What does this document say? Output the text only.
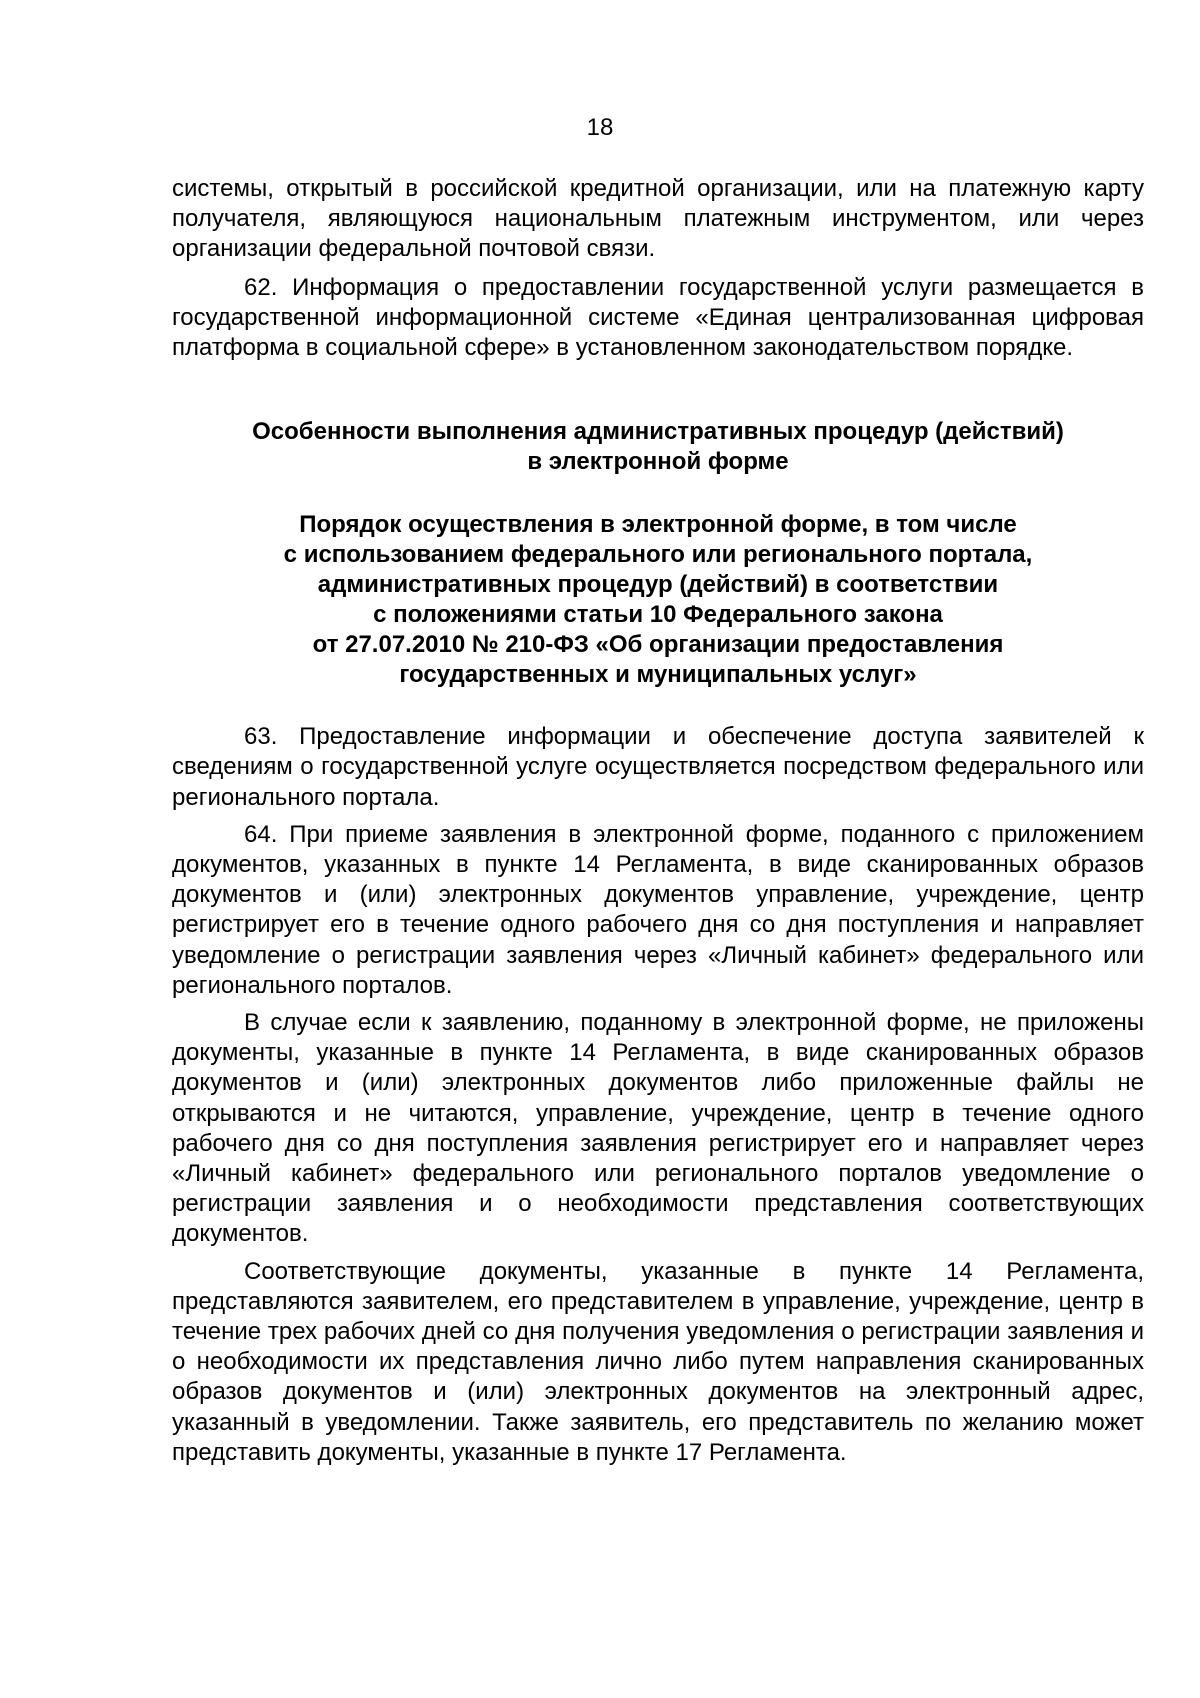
18

системы, открытый в российской кредитной организации, или на платежную карту получателя, являющуюся национальным платежным инструментом, или через организации федеральной почтовой связи.

62. Информация о предоставлении государственной услуги размещается в государственной информационной системе «Единая централизованная цифровая платформа в социальной сфере» в установленном законодательством порядке.

Особенности выполнения административных процедур (действий)
в электронной форме
Порядок осуществления в электронной форме, в том числе
с использованием федерального или регионального портала,
административных процедур (действий) в соответствии
с положениями статьи 10 Федерального закона
от 27.07.2010 № 210-ФЗ «Об организации предоставления
государственных и муниципальных услуг»

63. Предоставление информации и обеспечение доступа заявителей к сведениям о государственной услуге осуществляется посредством федерального или регионального портала.

64. При приеме заявления в электронной форме, поданного с приложением документов, указанных в пункте 14 Регламента, в виде сканированных образов документов и (или) электронных документов управление, учреждение, центр регистрирует его в течение одного рабочего дня со дня поступления и направляет уведомление о регистрации заявления через «Личный кабинет» федерального или регионального порталов.

В случае если к заявлению, поданному в электронной форме, не приложены документы, указанные в пункте 14 Регламента, в виде сканированных образов документов и (или) электронных документов либо приложенные файлы не открываются и не читаются, управление, учреждение, центр в течение одного рабочего дня со дня поступления заявления регистрирует его и направляет через «Личный кабинет» федерального или регионального порталов уведомление о регистрации заявления и о необходимости представления соответствующих документов.

Соответствующие документы, указанные в пункте 14 Регламента, представляются заявителем, его представителем в управление, учреждение, центр в течение трех рабочих дней со дня получения уведомления о регистрации заявления и о необходимости их представления лично либо путем направления сканированных образов документов и (или) электронных документов на электронный адрес, указанный в уведомлении. Также заявитель, его представитель по желанию может представить документы, указанные в пункте 17 Регламента.
